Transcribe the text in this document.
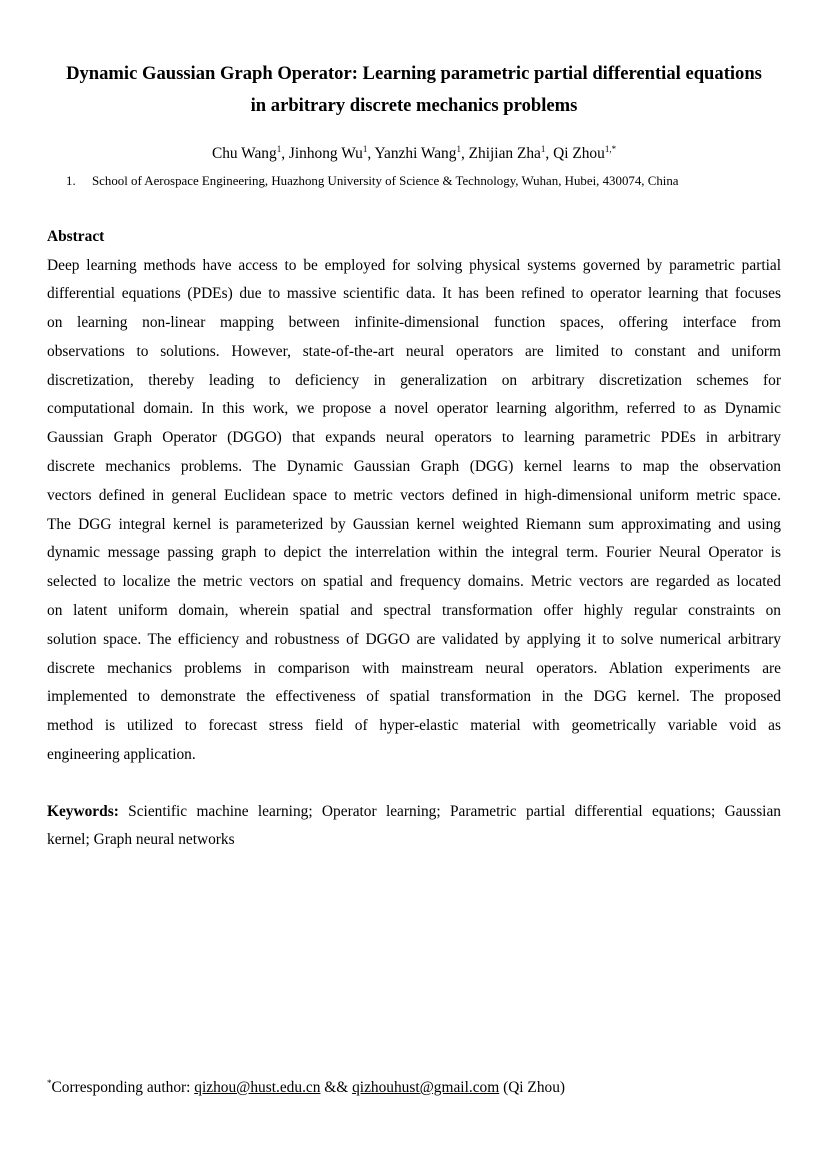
Dynamic Gaussian Graph Operator: Learning parametric partial differential equations
in arbitrary discrete mechanics problems
Chu Wang$^1$, Jinhong Wu$^1$, Yanzhi Wang$^1$, Zhijian Zha$^1$, Qi Zhou$^{1,*}$
1. School of Aerospace Engineering, Huazhong University of Science & Technology, Wuhan, Hubei, 430074, China
Abstract
Deep learning methods have access to be employed for solving physical systems governed by parametric partial
differential equations (PDEs) due to massive scientific data. It has been refined to operator learning that focuses
on learning non-linear mapping between infinite-dimensional function spaces, offering interface from
observations to solutions. However, state-of-the-art neural operators are limited to constant and uniform
discretization, thereby leading to deficiency in generalization on arbitrary discretization schemes for
computational domain. In this work, we propose a novel operator learning algorithm, referred to as Dynamic
Gaussian Graph Operator (DGGO) that expands neural operators to learning parametric PDEs in arbitrary
discrete mechanics problems. The Dynamic Gaussian Graph (DGG) kernel learns to map the observation
vectors defined in general Euclidean space to metric vectors defined in high-dimensional uniform metric space.
The DGG integral kernel is parameterized by Gaussian kernel weighted Riemann sum approximating and using
dynamic message passing graph to depict the interrelation within the integral term. Fourier Neural Operator is
selected to localize the metric vectors on spatial and frequency domains. Metric vectors are regarded as located
on latent uniform domain, wherein spatial and spectral transformation offer highly regular constraints on
solution space. The efficiency and robustness of DGGO are validated by applying it to solve numerical arbitrary
discrete mechanics problems in comparison with mainstream neural operators. Ablation experiments are
implemented to demonstrate the effectiveness of spatial transformation in the DGG kernel. The proposed
method is utilized to forecast stress field of hyper-elastic material with geometrically variable void as
engineering application.
Keywords: Scientific machine learning; Operator learning; Parametric partial differential equations; Gaussian
kernel; Graph neural networks
*Corresponding author: qizhou@hust.edu.cn && qizhouhust@gmail.com (Qi Zhou)
